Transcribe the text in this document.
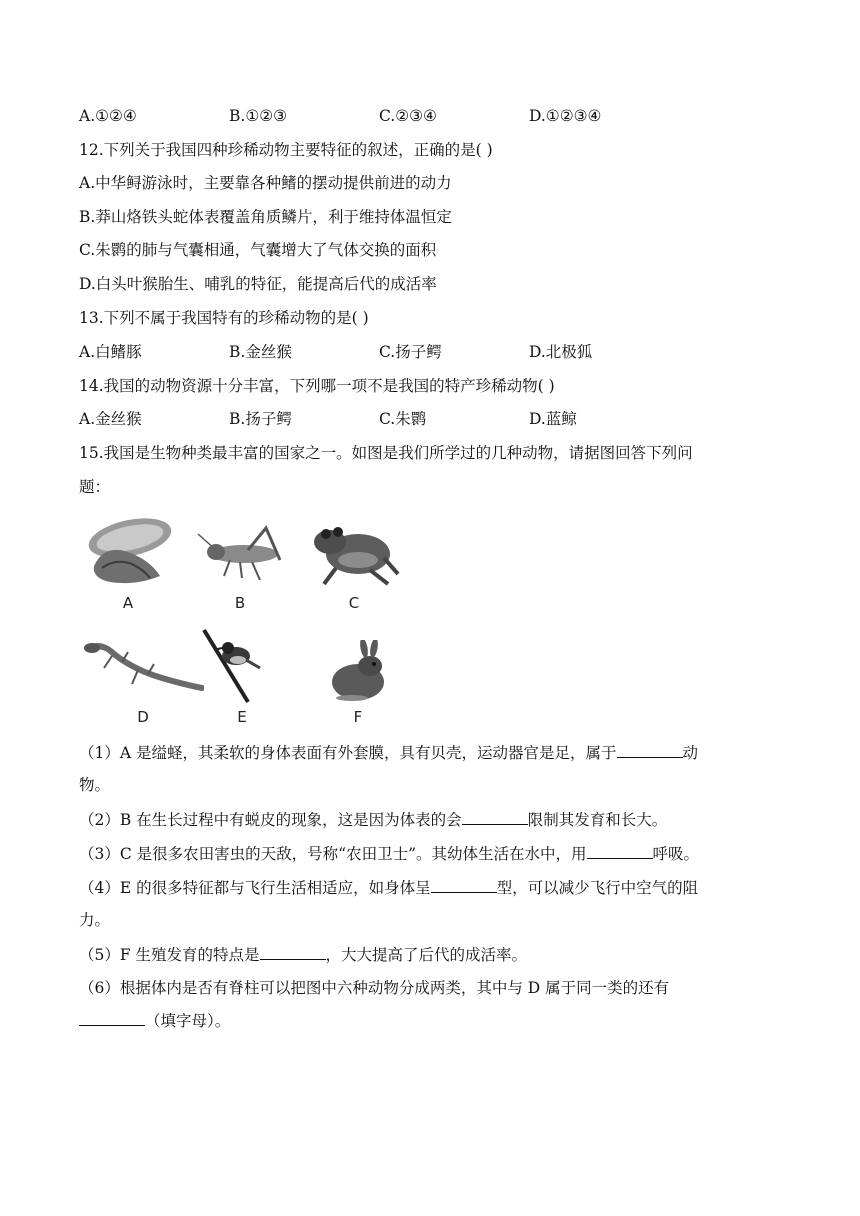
A.①②④	B.①②③	C.②③④	D.①②③④
12.下列关于我国四种珍稀动物主要特征的叙述，正确的是( )
A.中华鲟游泳时，主要靠各种鳍的摆动提供前进的动力
B.莽山烙铁头蛇体表覆盖角质鳞片，利于维持体温恒定
C.朱鹮的肺与气囊相通，气囊增大了气体交换的面积
D.白头叶猴胎生、哺乳的特征，能提高后代的成活率
13.下列不属于我国特有的珍稀动物的是( )
A.白鳍豚	B.金丝猴	C.扬子鳄	D.北极狐
14.我国的动物资源十分丰富，下列哪一项不是我国的特产珍稀动物( )
A.金丝猴	B.扬子鳄	C.朱鹮	D.蓝鲸
15.我国是生物种类最丰富的国家之一。如图是我们所学过的几种动物，请据图回答下列问
题：
A	B	C
D	E	F
（1）A 是缢蛏，其柔软的身体表面有外套膜，具有贝壳，运动器官是足，属于	动
物。
（2）B 在生长过程中有蜕皮的现象，这是因为体表的会	限制其发育和长大。
（3）C 是很多农田害虫的天敌，号称“农田卫士”。其幼体生活在水中，用	呼吸。
（4）E 的很多特征都与飞行生活相适应，如身体呈	型，可以减少飞行中空气的阻
力。
（5）F 生殖发育的特点是	，大大提高了后代的成活率。
（6）根据体内是否有脊柱可以把图中六种动物分成两类，其中与 D 属于同一类的还有
（填字母）。
